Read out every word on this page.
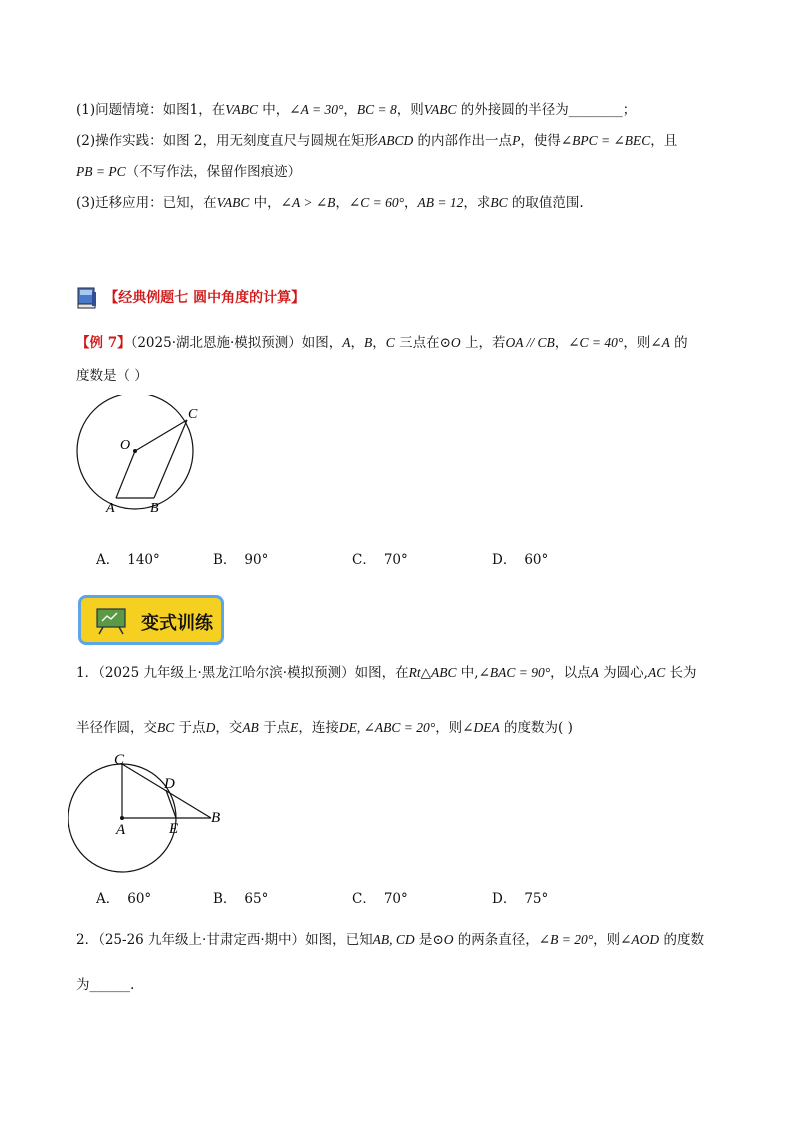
(1)问题情境：如图1，在VABC 中，∠A = 30°，BC = 8，则VABC 的外接圆的半径为________；
(2)操作实践：如图 2，用无刻度直尺与圆规在矩形ABCD 的内部作出一点P，使得∠BPC = ∠BEC，且
PB = PC（不写作法，保留作图痕迹）
(3)迁移应用：已知，在VABC 中，∠A > ∠B，∠C = 60°，AB = 12，求BC 的取值范围.
【经典例题七 圆中角度的计算】
【例 7】（2025·湖北恩施·模拟预测）如图，A，B，C 三点在⊙O 上，若OA // CB，∠C = 40°，则∠A 的
度数是（ ）
O
C
A	B
A． 140°	B． 90°	C． 70°	D． 60°
变式训练
1．（2025 九年级上·黑龙江哈尔滨·模拟预测）如图，在Rt△ABC 中,∠BAC = 90°，以点A 为圆心,AC 长为
半径作圆，交BC 于点D，交AB 于点E，连接DE, ∠ABC = 20°，则∠DEA 的度数为( )
C
D
A	E
B
A． 60°	B． 65°	C． 70°	D． 75°
2．（25-26 九年级上·甘肃定西·期中）如图，已知AB, CD 是⊙O 的两条直径，∠B = 20°，则∠AOD 的度数
为______.
